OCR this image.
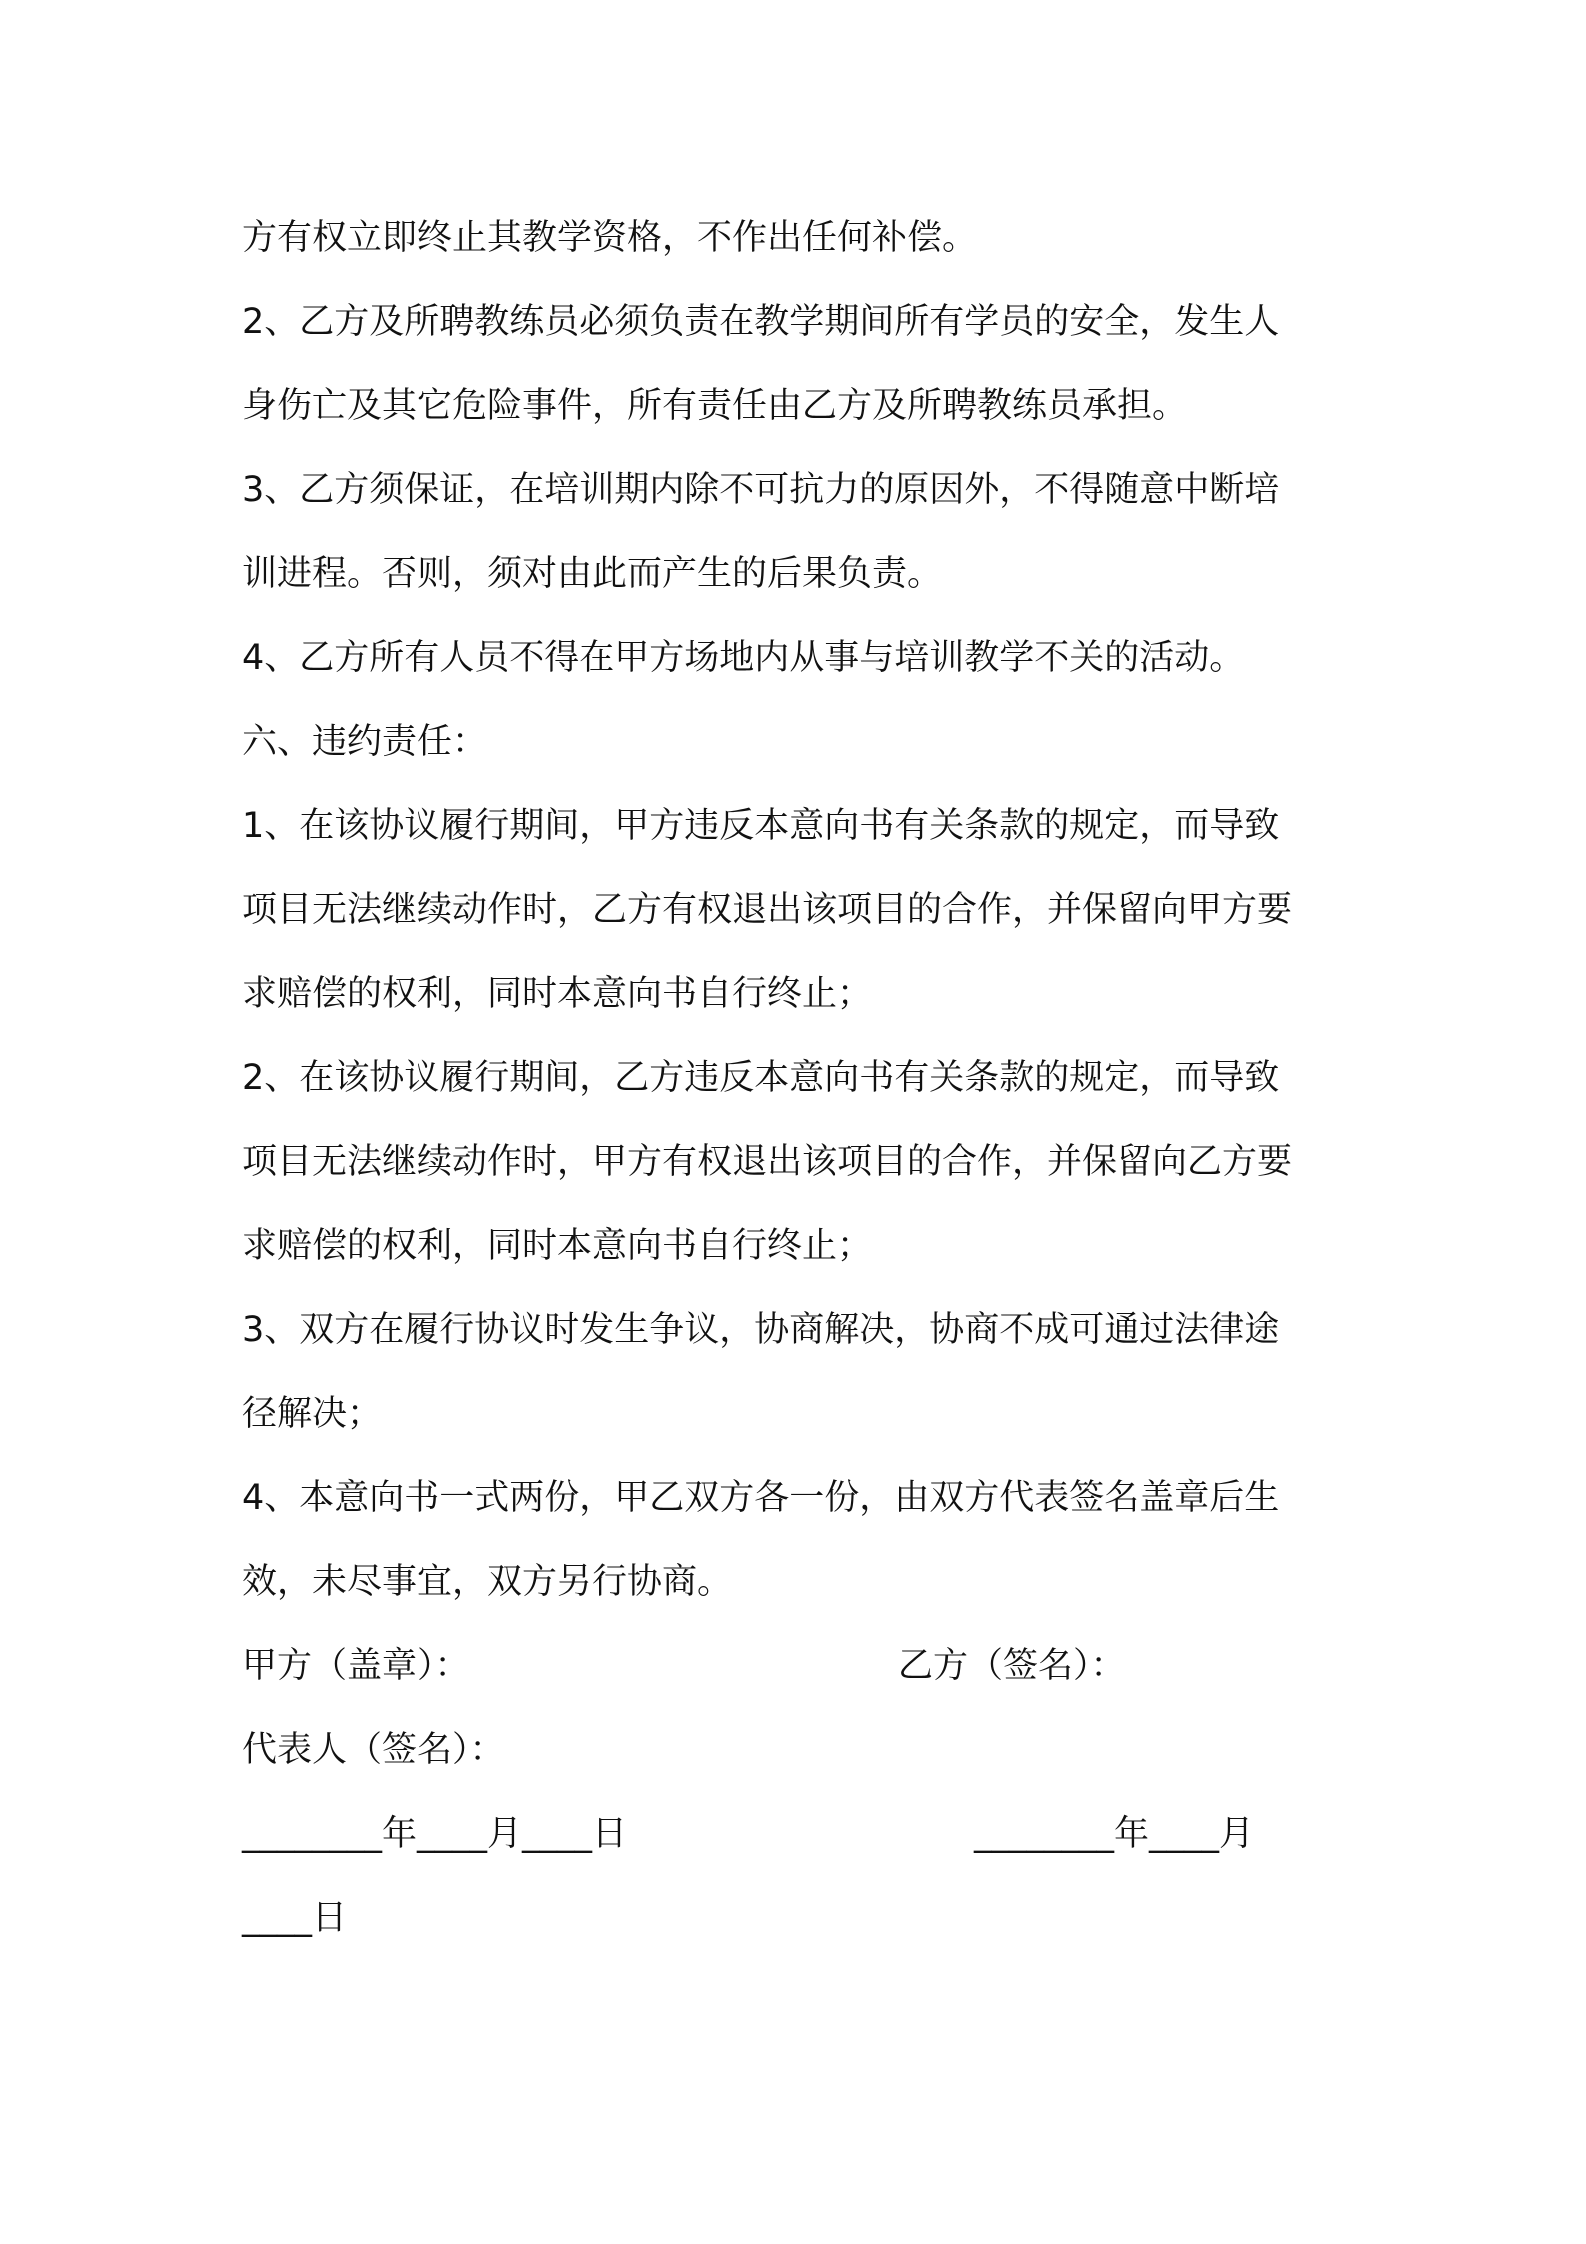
方有权立即终止其教学资格，不作出任何补偿。
2、乙方及所聘教练员必须负责在教学期间所有学员的安全，发生人
身伤亡及其它危险事件，所有责任由乙方及所聘教练员承担。
3、乙方须保证，在培训期内除不可抗力的原因外，不得随意中断培
训进程。否则，须对由此而产生的后果负责。
4、乙方所有人员不得在甲方场地内从事与培训教学不关的活动。
六、违约责任：
1、在该协议履行期间，甲方违反本意向书有关条款的规定，而导致
项目无法继续动作时，乙方有权退出该项目的合作，并保留向甲方要
求赔偿的权利，同时本意向书自行终止；
2、在该协议履行期间，乙方违反本意向书有关条款的规定，而导致
项目无法继续动作时，甲方有权退出该项目的合作，并保留向乙方要
求赔偿的权利，同时本意向书自行终止；
3、双方在履行协议时发生争议，协商解决，协商不成可通过法律途
径解决；
4、本意向书一式两份，甲乙双方各一份，由双方代表签名盖章后生
效，未尽事宜，双方另行协商。
甲方（盖章）：	乙方（签名）：
代表人（签名）：
________年____月____日	________年____月
____日
